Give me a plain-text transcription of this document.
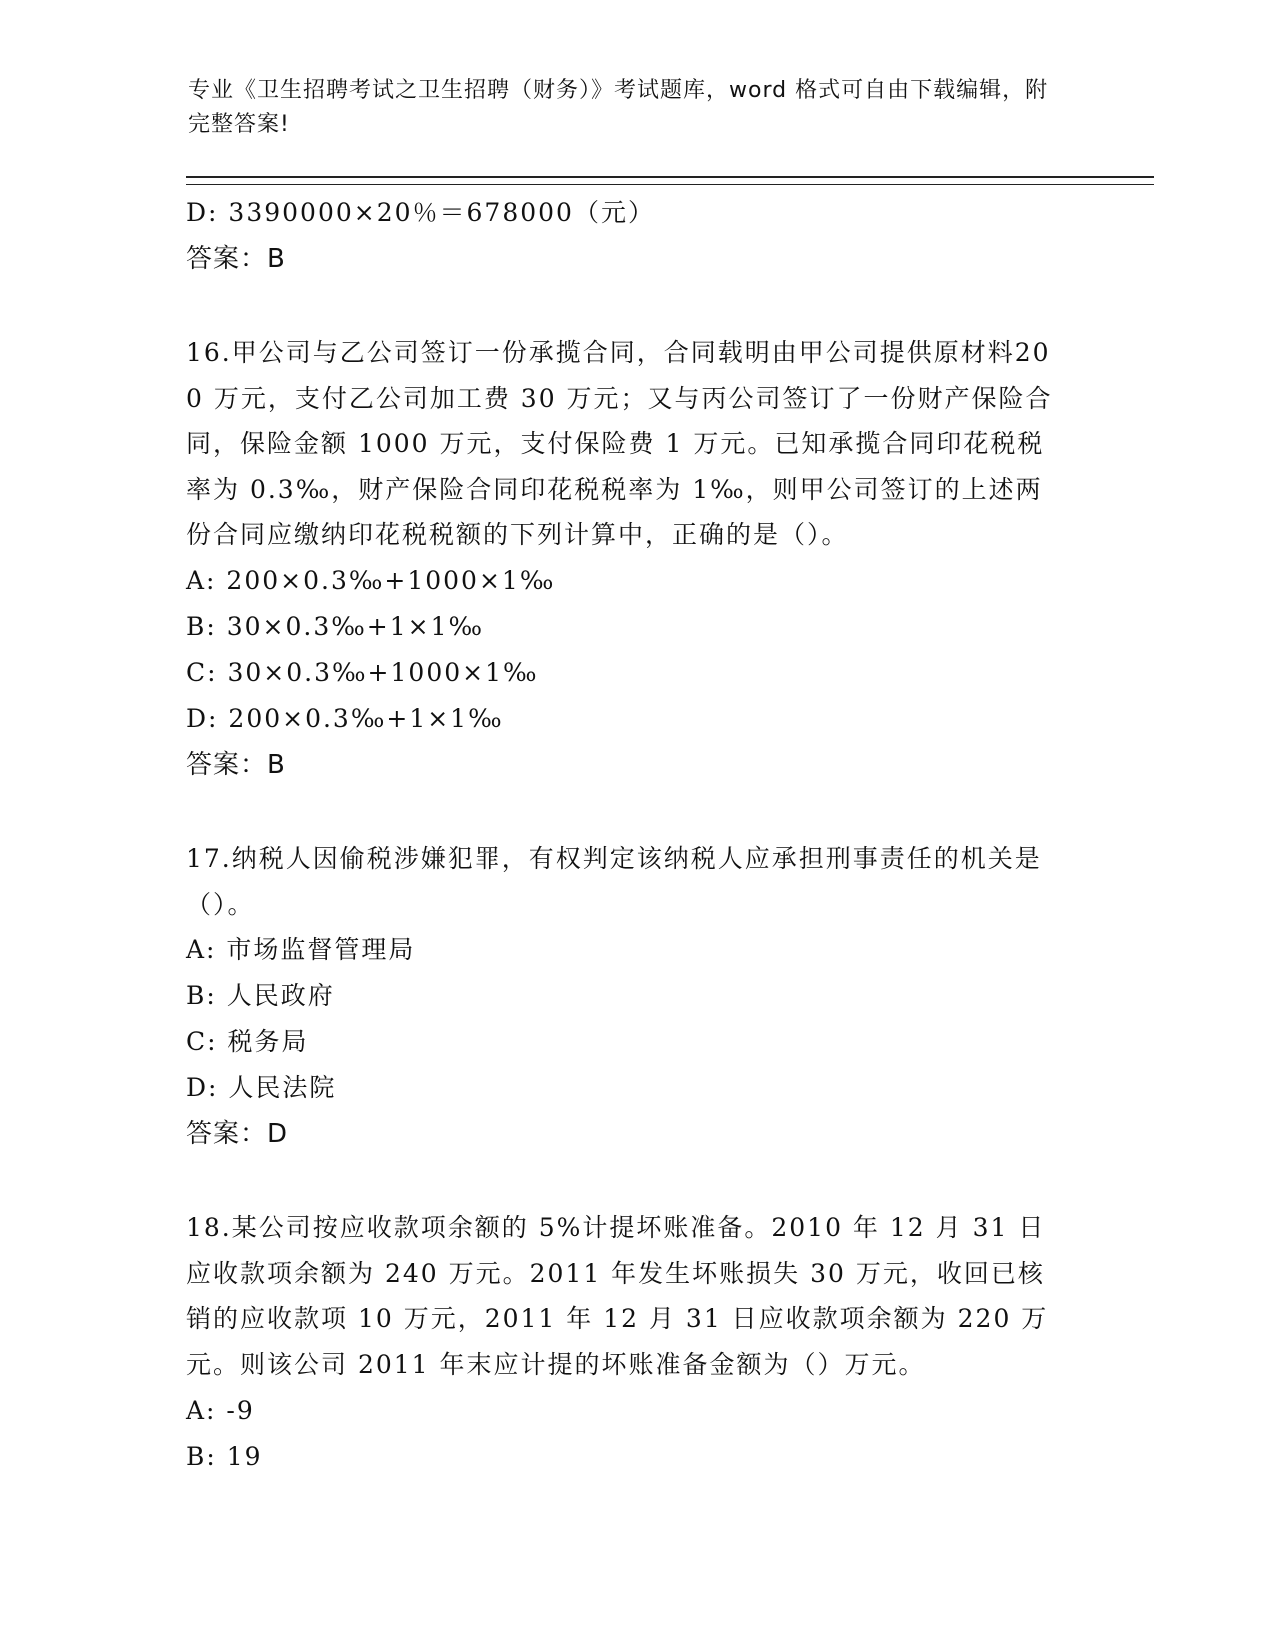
专业《卫生招聘考试之卫生招聘（财务）》考试题库，word 格式可自由下载编辑，附完整答案!
D: 3390000×20％＝678000（元）
答案：B
16.甲公司与乙公司签订一份承揽合同，合同载明由甲公司提供原材料200 万元，支付乙公司加工费 30 万元；又与丙公司签订了一份财产保险合同，保险金额 1000 万元，支付保险费 1 万元。已知承揽合同印花税税率为 0.3‰，财产保险合同印花税税率为 1‰，则甲公司签订的上述两份合同应缴纳印花税税额的下列计算中，正确的是（）。
A: 200×0.3‰+1000×1‰
B: 30×0.3‰+1×1‰
C: 30×0.3‰+1000×1‰
D: 200×0.3‰+1×1‰
答案：B
17.纳税人因偷税涉嫌犯罪，有权判定该纳税人应承担刑事责任的机关是（）。
A: 市场监督管理局
B: 人民政府
C: 税务局
D: 人民法院
答案：D
18.某公司按应收款项余额的 5%计提坏账准备。2010 年 12 月 31 日应收款项余额为 240 万元。2011 年发生坏账损失 30 万元，收回已核销的应收款项 10 万元，2011 年 12 月 31 日应收款项余额为 220 万元。则该公司 2011 年末应计提的坏账准备金额为（）万元。
A: -9
B: 19
